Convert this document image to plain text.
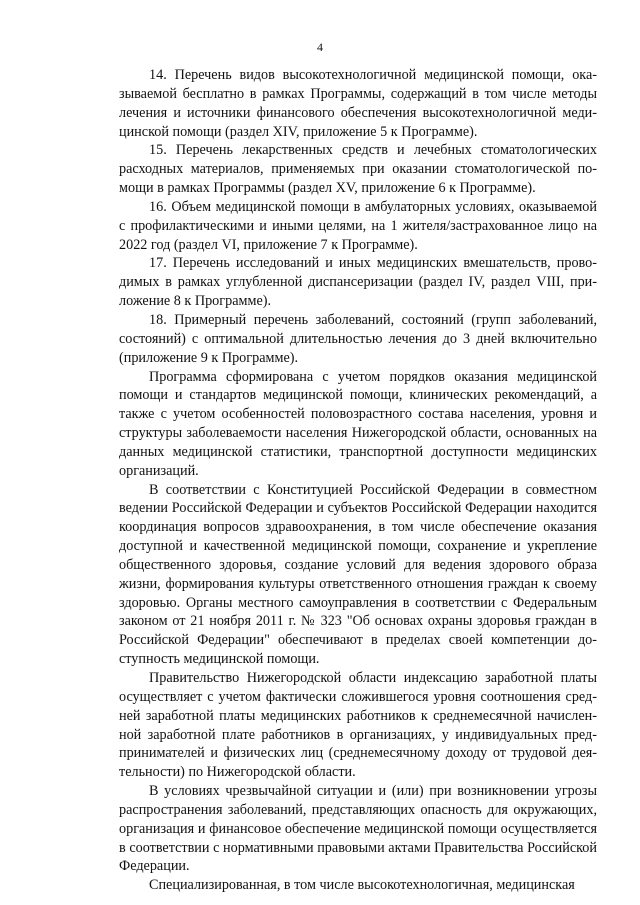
4

14. Перечень видов высокотехнологичной медицинской помощи, оказываемой бесплатно в рамках Программы, содержащий в том числе методы лечения и источники финансового обеспечения высокотехнологичной медицинской помощи (раздел XIV, приложение 5 к Программе).

15. Перечень лекарственных средств и лечебных стоматологических расходных материалов, применяемых при оказании стоматологической помощи в рамках Программы (раздел XV, приложение 6 к Программе).

16. Объем медицинской помощи в амбулаторных условиях, оказываемой с профилактическими и иными целями, на 1 жителя/застрахованное лицо на 2022 год (раздел VI, приложение 7 к Программе).

17. Перечень исследований и иных медицинских вмешательств, проводимых в рамках углубленной диспансеризации (раздел IV, раздел VIII, приложение 8 к Программе).

18. Примерный перечень заболеваний, состояний (групп заболеваний, состояний) с оптимальной длительностью лечения до 3 дней включительно (приложение 9 к Программе).

Программа сформирована с учетом порядков оказания медицинской помощи и стандартов медицинской помощи, клинических рекомендаций, а также с учетом особенностей половозрастного состава населения, уровня и структуры заболеваемости населения Нижегородской области, основанных на данных медицинской статистики, транспортной доступности медицинских организаций.

В соответствии с Конституцией Российской Федерации в совместном ведении Российской Федерации и субъектов Российской Федерации находится координация вопросов здравоохранения, в том числе обеспечение оказания доступной и качественной медицинской помощи, сохранение и укрепление общественного здоровья, создание условий для ведения здорового образа жизни, формирования культуры ответственного отношения граждан к своему здоровью. Органы местного самоуправления в соответствии с Федеральным законом от 21 ноября 2011 г. № 323 "Об основах охраны здоровья граждан в Российской Федерации" обеспечивают в пределах своей компетенции доступность медицинской помощи.

Правительство Нижегородской области индексацию заработной платы осуществляет с учетом фактически сложившегося уровня соотношения средней заработной платы медицинских работников к среднемесячной начисленной заработной плате работников в организациях, у индивидуальных предпринимателей и физических лиц (среднемесячному доходу от трудовой деятельности) по Нижегородской области.

В условиях чрезвычайной ситуации и (или) при возникновении угрозы распространения заболеваний, представляющих опасность для окружающих, организация и финансовое обеспечение медицинской помощи осуществляется в соответствии с нормативными правовыми актами Правительства Российской Федерации.

Специализированная, в том числе высокотехнологичная, медицинская
